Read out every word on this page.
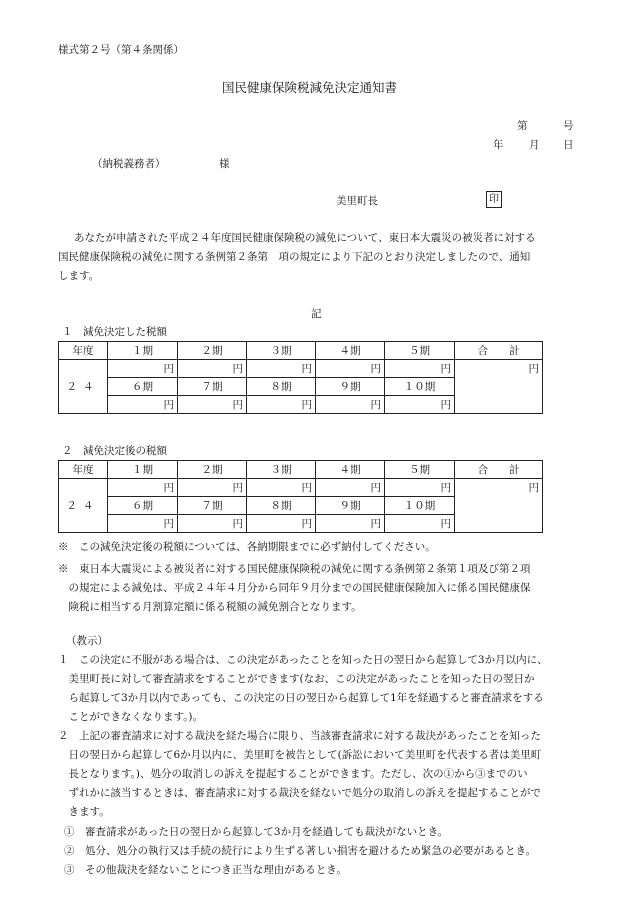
様式第２号（第４条関係）
国民健康保険税減免決定通知書
第	号
年 月 日
（納税義務者）	様
美里町長	印
あなたが申請された平成２４年度国民健康保険税の減免について、東日本大震災の被災者に対する
国民健康保険税の減免に関する条例第２条第　項の規定により下記のとおり決定しましたので、通知
します。
記
１　減免決定した税額
年度	１期	２期	３期	４期	５期	合　　計
２４	円	円	円	円	円	円
	６期	７期	８期	９期	１０期	
	円	円	円	円	円	
２　減免決定後の税額
年度	１期	２期	３期	４期	５期	合　　計
２４	円	円	円	円	円	円
	６期	７期	８期	９期	１０期	
	円	円	円	円	円	
※　この減免決定後の税額については、各納期限までに必ず納付してください。
※　東日本大震災による被災者に対する国民健康保険税の減免に関する条例第２条第１項及び第２項
　の規定による減免は、平成２４年４月分から同年９月分までの国民健康保険加入に係る国民健康保
　険税に相当する月割算定額に係る税額の減免割合となります。
（教示）
１　この決定に不服がある場合は、この決定があったことを知った日の翌日から起算して3か月以内に、
　美里町長に対して審査請求をすることができます(なお、この決定があったことを知った日の翌日か
　ら起算して3か月以内であっても、この決定の日の翌日から起算して1年を経過すると審査請求をする
　ことができなくなります。)。
２　上記の審査請求に対する裁決を経た場合に限り、当該審査請求に対する裁決があったことを知った
　日の翌日から起算して6か月以内に、美里町を被告として(訴訟において美里町を代表する者は美里町
　長となります。)、処分の取消しの訴えを提起することができます。ただし、次の①から③までのい
　ずれかに該当するときは、審査請求に対する裁決を経ないで処分の取消しの訴えを提起することがで
　きます。
①　審査請求があった日の翌日から起算して3か月を経過しても裁決がないとき。
②　処分、処分の執行又は手続の続行により生ずる著しい損害を避けるため緊急の必要があるとき。
③　その他裁決を経ないことにつき正当な理由があるとき。
